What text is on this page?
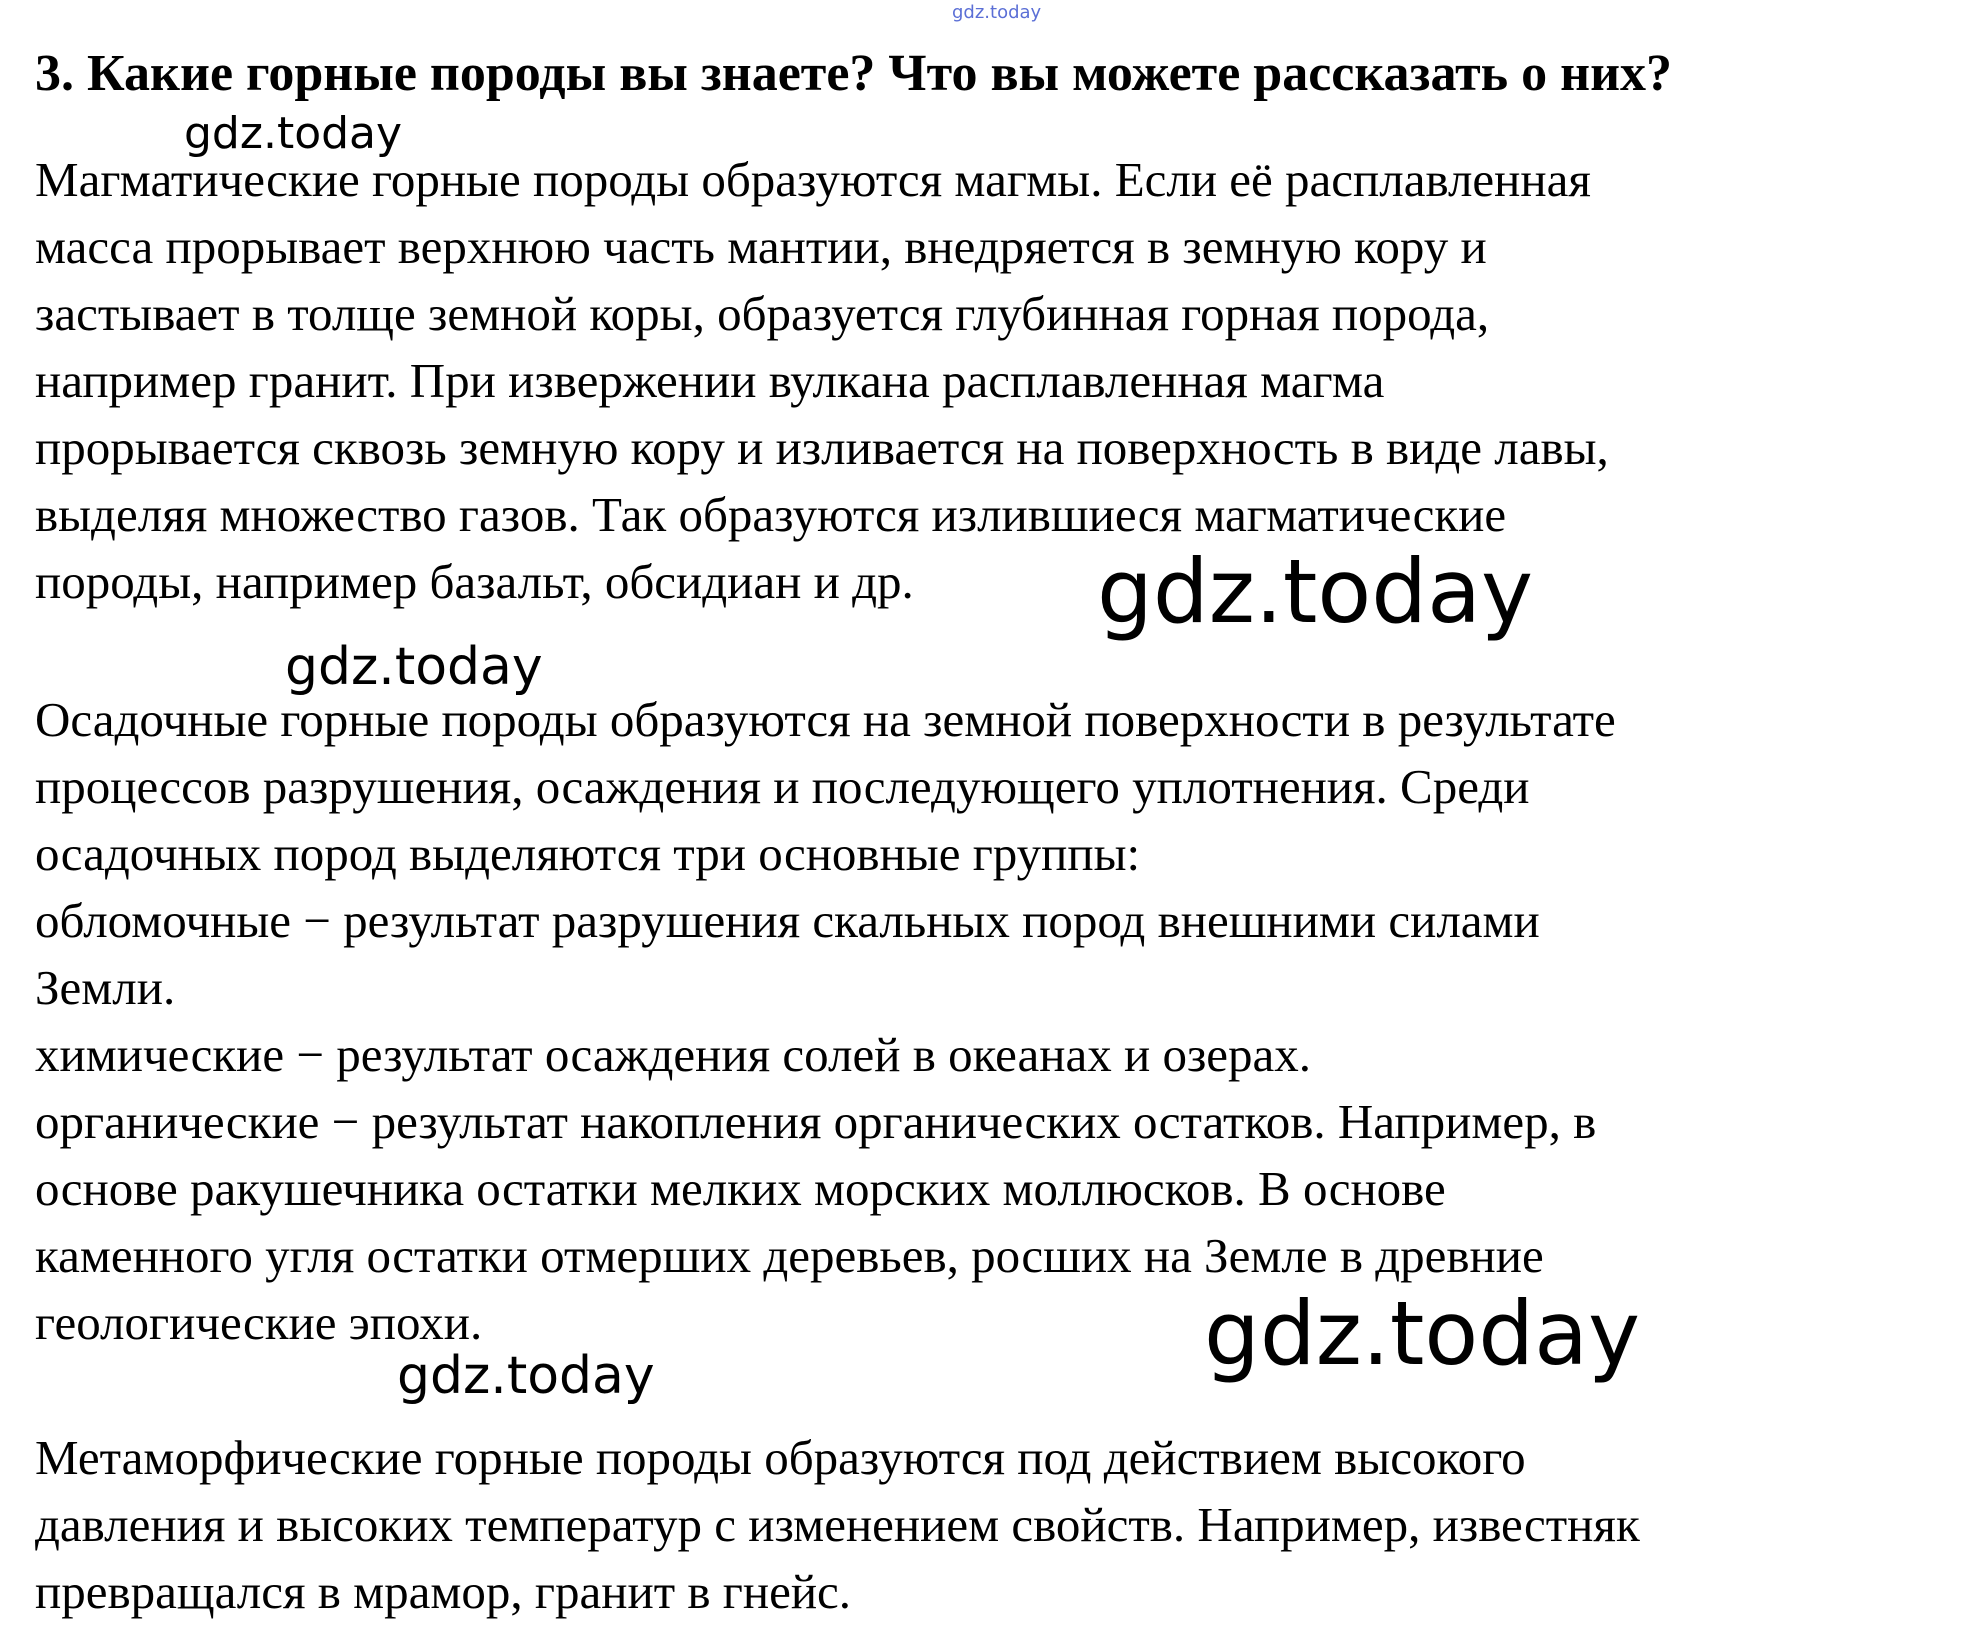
gdz.today
3. Какие горные породы вы знаете? Что вы можете рассказать о них?
gdz.today

Магматические горные породы образуются магмы. Если её расплавленная
масса прорывает верхнюю часть мантии, внедряется в земную кору и
застывает в толще земной коры, образуется глубинная горная порода,
например гранит. При извержении вулкана расплавленная магма
прорывается сквозь земную кору и изливается на поверхность в виде лавы,
выделяя множество газов. Так образуются излившиеся магматические
породы, например базальт, обсидиан и др.	gdz.today
gdz.today

Осадочные горные породы образуются на земной поверхности в результате
процессов разрушения, осаждения и последующего уплотнения. Среди
осадочных пород выделяются три основные группы:
обломочные − результат разрушения скальных пород внешними силами
Земли.
химические − результат осаждения солей в океанах и озерах.
органические − результат накопления органических остатков. Например, в
основе ракушечника остатки мелких морских моллюсков. В основе
каменного угля остатки отмерших деревьев, росших на Земле в древние
геологические эпохи.	gdz.today
gdz.today

Метаморфические горные породы образуются под действием высокого
давления и высоких температур с изменением свойств. Например, известняк
превращался в мрамор, гранит в гнейс.
